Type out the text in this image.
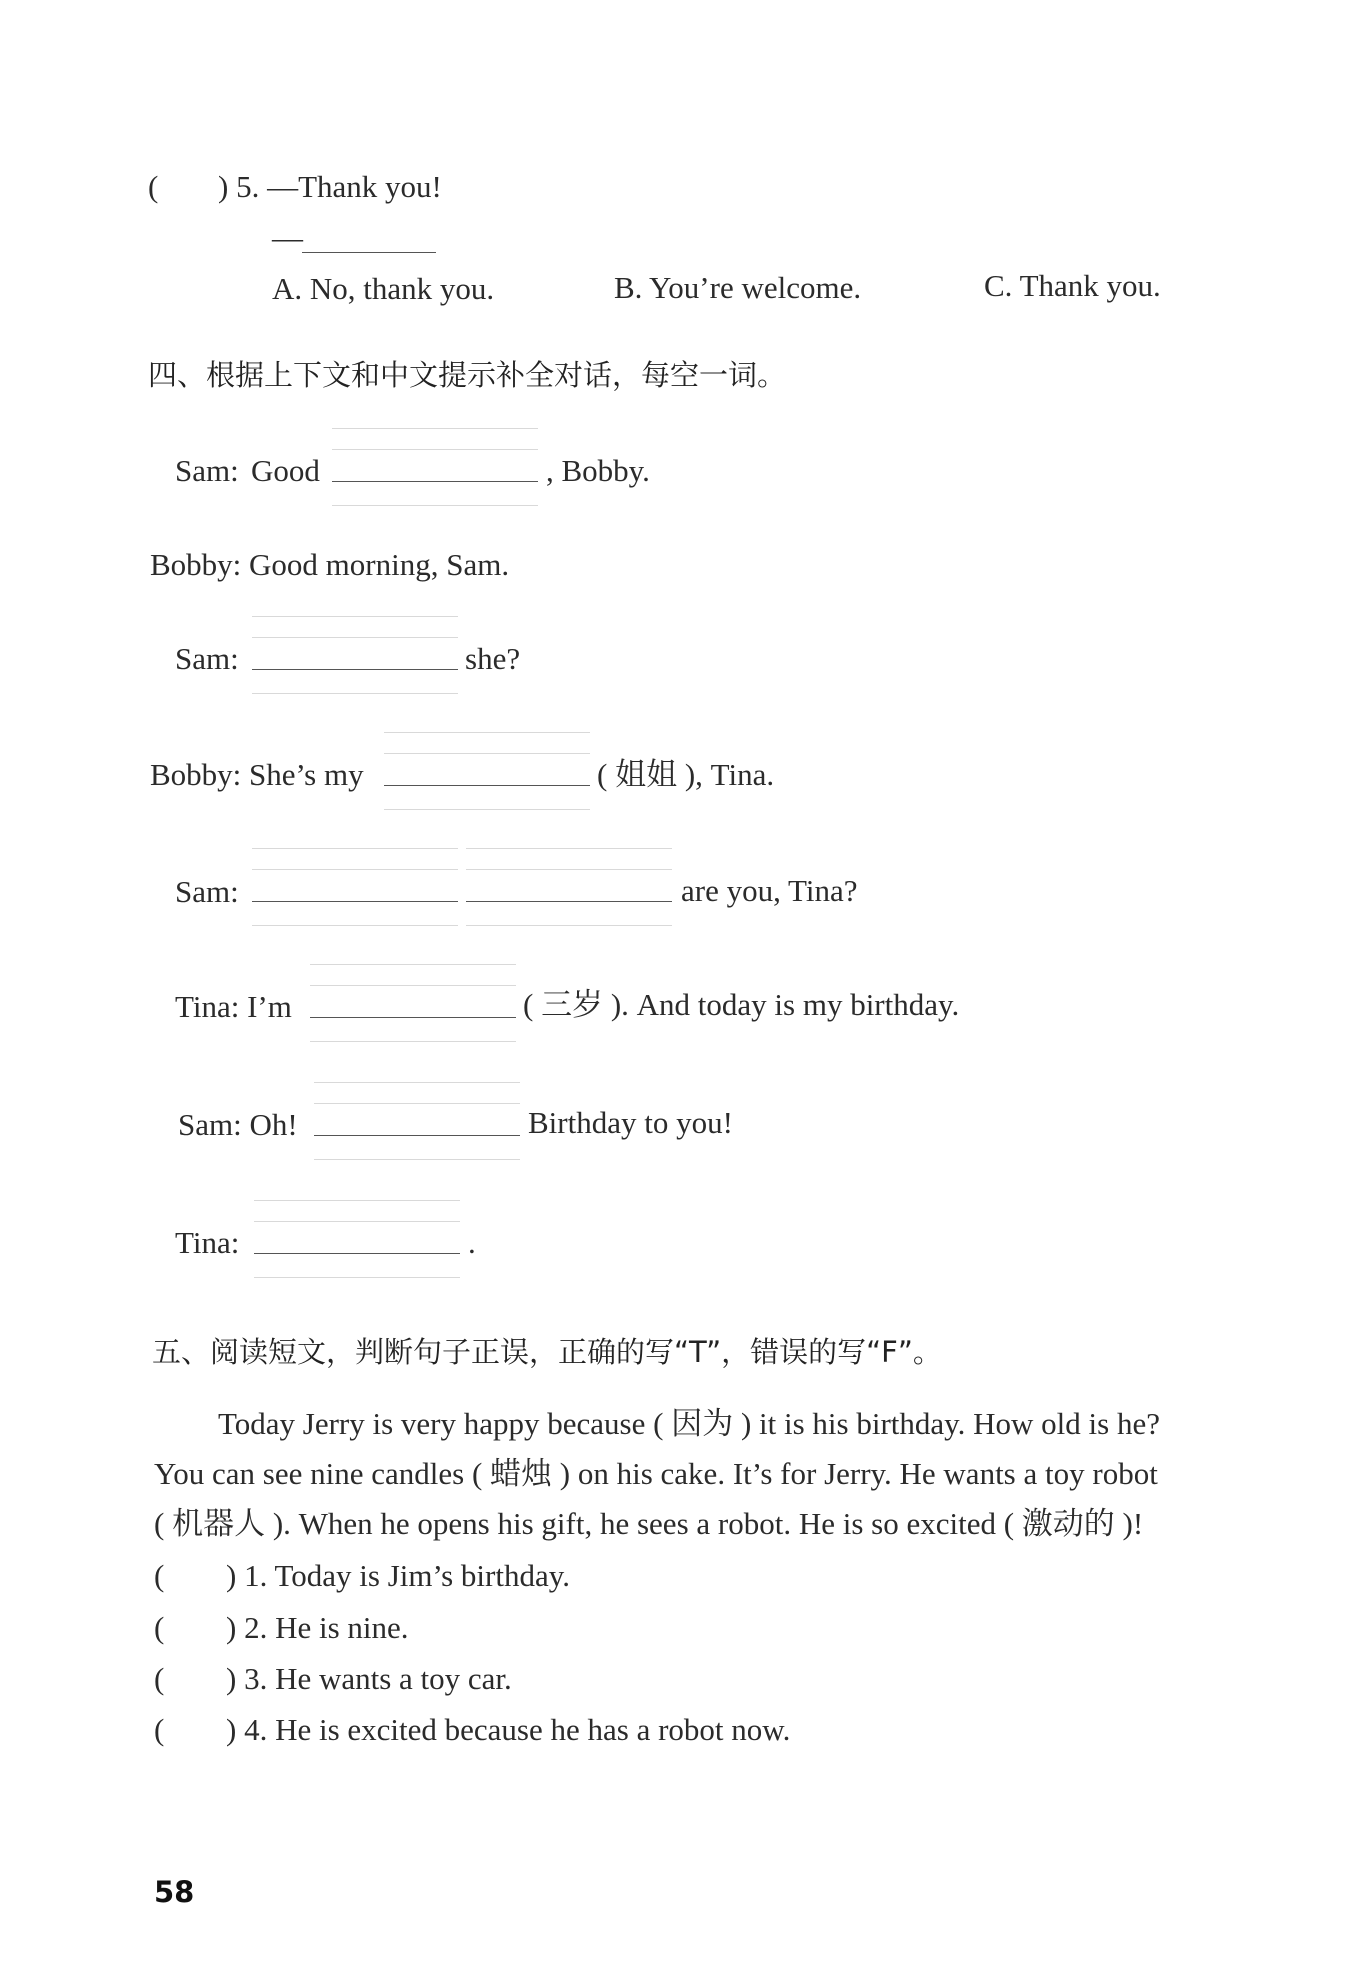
( ) 5. —Thank you!
—
A. No, thank you.	B. You’re welcome.	C. Thank you.
四、根据上下文和中文提示补全对话，每空一词。
Sam: Good	, Bobby.
Bobby: Good morning, Sam.
Sam:	she?
Bobby: She’s my	( 姐姐 ), Tina.
Sam:	are you, Tina?
Tina: I’m	( 三岁 ). And today is my birthday.
Sam: Oh!	Birthday to you!
Tina:	.
五、阅读短文，判断句子正误，正确的写“T”，错误的写“F”。
Today Jerry is very happy because ( 因为 ) it is his birthday. How old is he?
You can see nine candles ( 蜡烛 ) on his cake. It’s for Jerry. He wants a toy robot
( 机器人 ). When he opens his gift, he sees a robot. He is so excited ( 激动的 )!
( ) 1. Today is Jim’s birthday.
( ) 2. He is nine.
( ) 3. He wants a toy car.
( ) 4. He is excited because he has a robot now.
58
